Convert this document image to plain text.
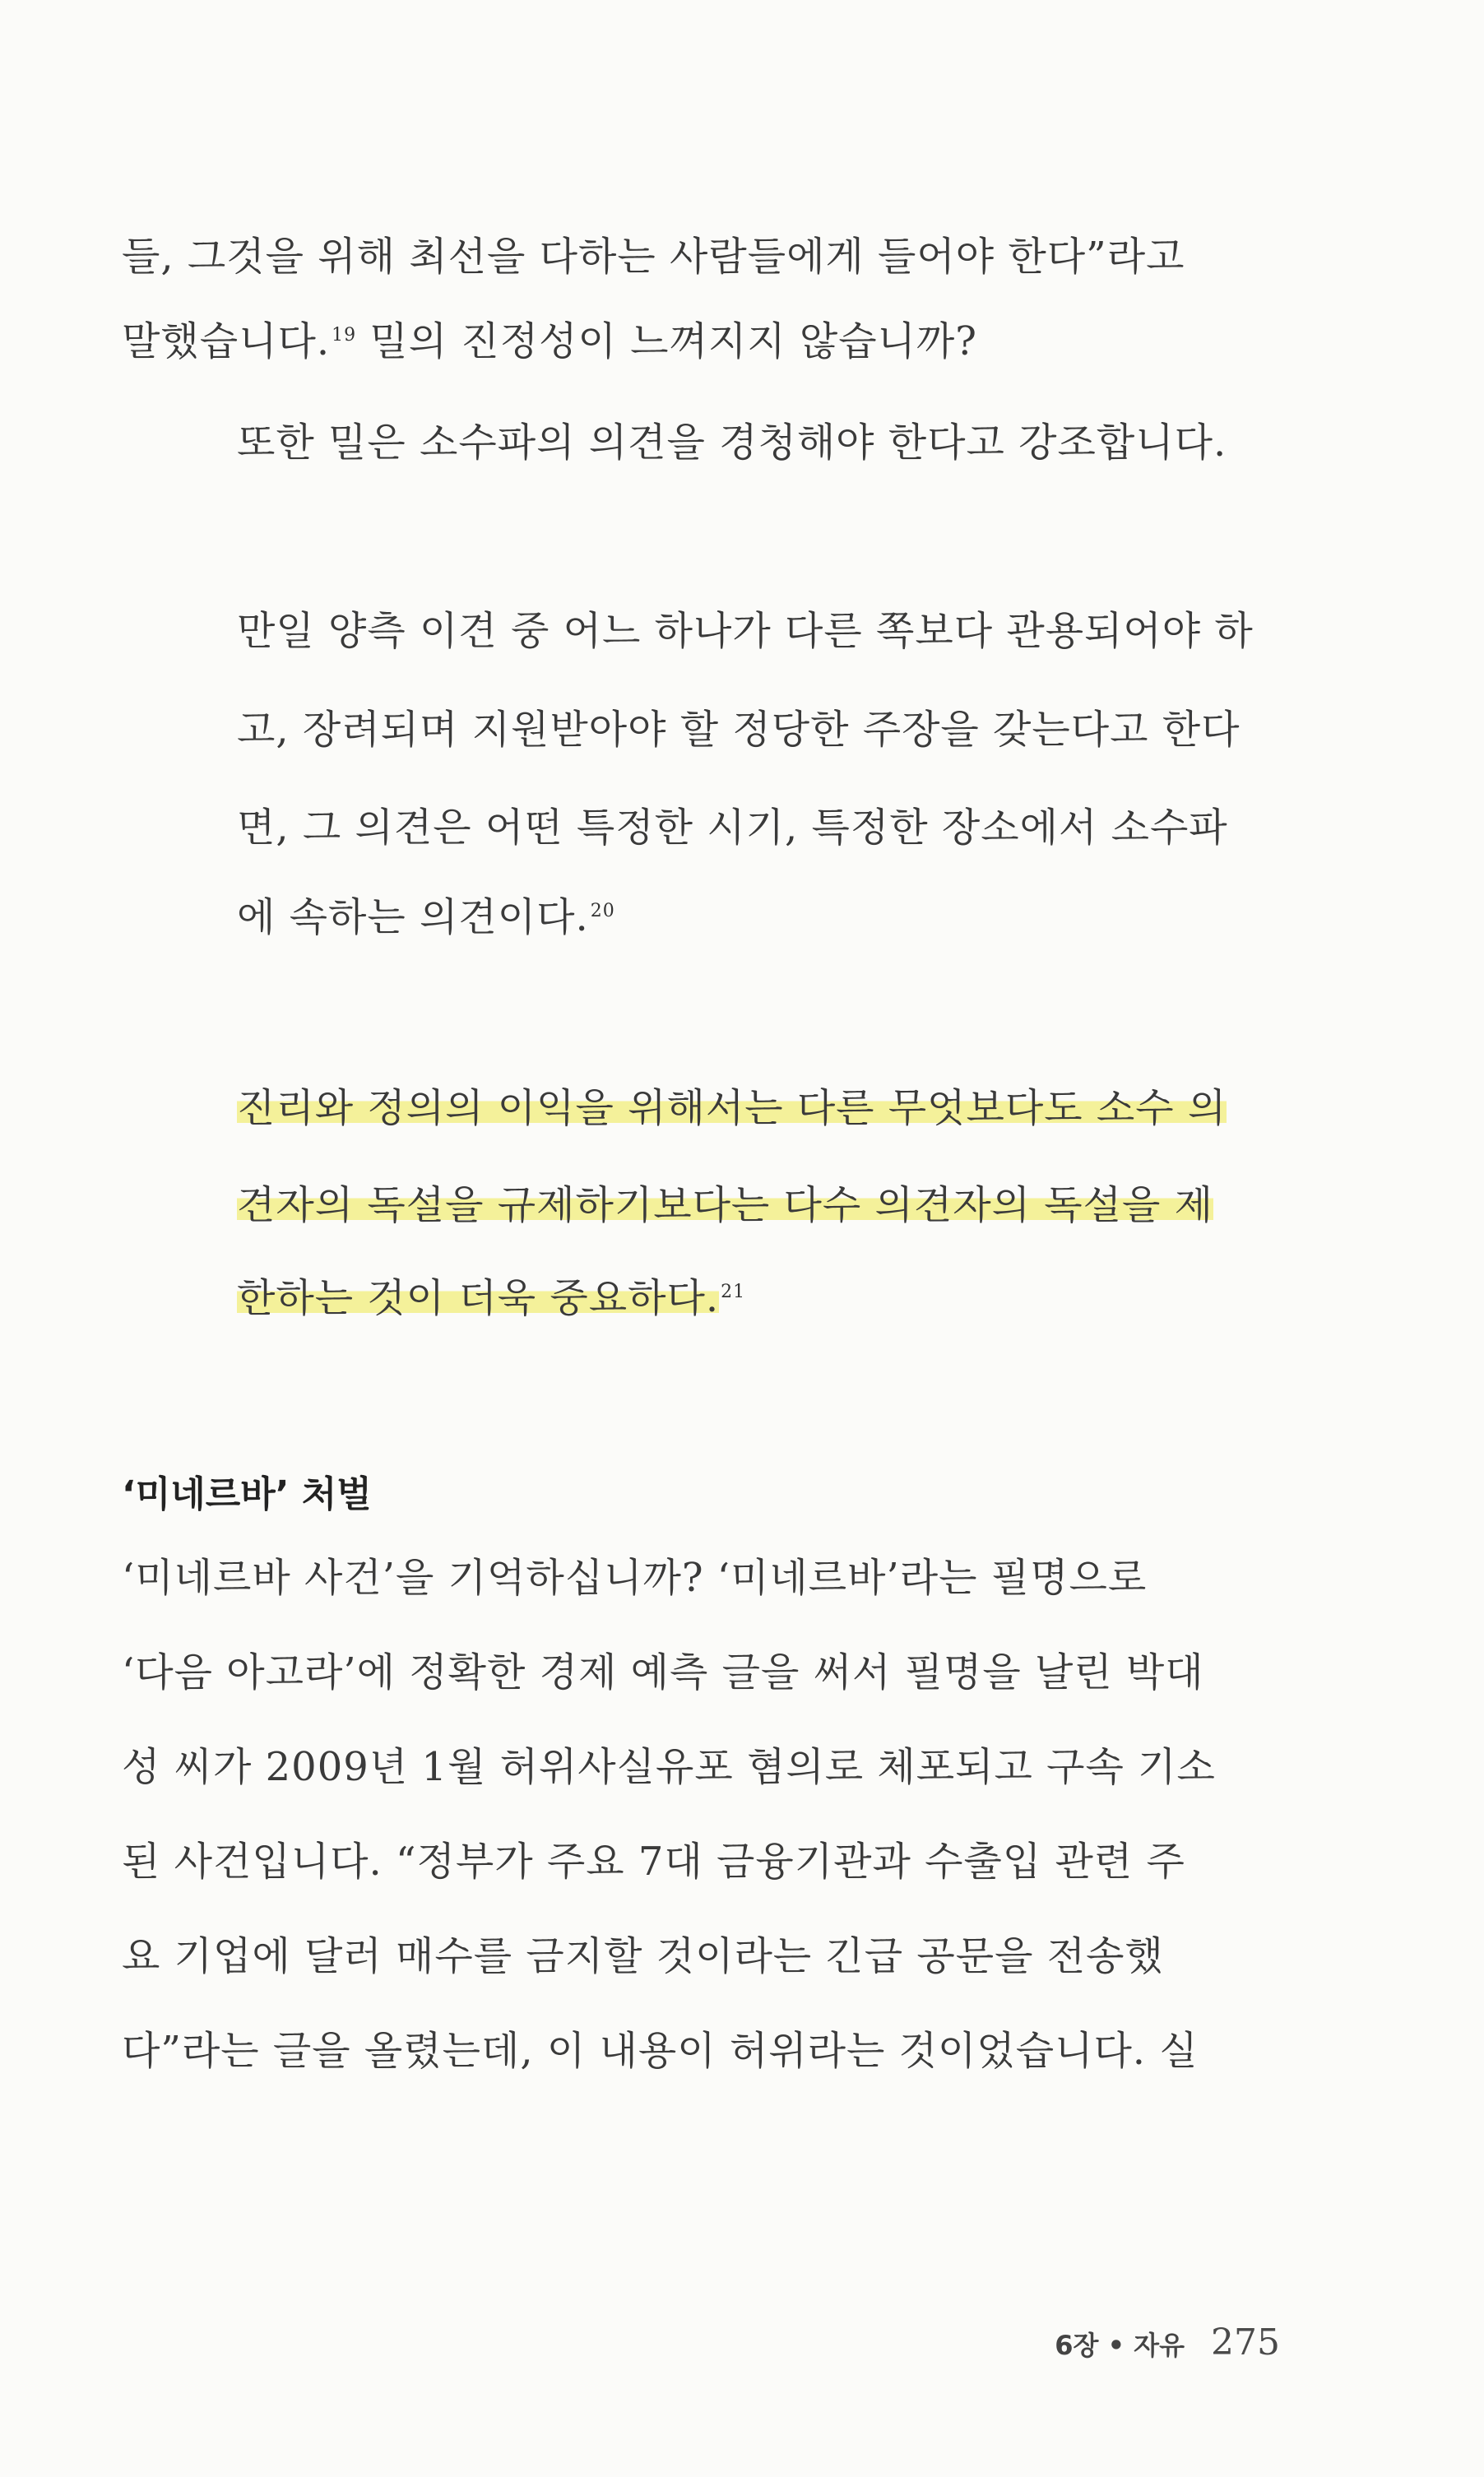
들, 그것을 위해 최선을 다하는 사람들에게 들어야 한다”라고
말했습니다.$^{19}$ 밀의 진정성이 느껴지지 않습니까?
또한 밀은 소수파의 의견을 경청해야 한다고 강조합니다.
만일 양측 이견 중 어느 하나가 다른 쪽보다 관용되어야 하
고, 장려되며 지원받아야 할 정당한 주장을 갖는다고 한다
면, 그 의견은 어떤 특정한 시기, 특정한 장소에서 소수파
에 속하는 의견이다.$^{20}$
진리와 정의의 이익을 위해서는 다른 무엇보다도 소수 의
견자의 독설을 규제하기보다는 다수 의견자의 독설을 제
한하는 것이 더욱 중요하다.$^{21}$
‘미네르바’ 처벌
‘미네르바 사건’을 기억하십니까? ‘미네르바’라는 필명으로
‘다음 아고라’에 정확한 경제 예측 글을 써서 필명을 날린 박대
성 씨가 2009년 1월 허위사실유포 혐의로 체포되고 구속 기소
된 사건입니다. “정부가 주요 7대 금융기관과 수출입 관련 주
요 기업에 달러 매수를 금지할 것이라는 긴급 공문을 전송했
다”라는 글을 올렸는데, 이 내용이 허위라는 것이었습니다. 실
6장 • 자유 275
